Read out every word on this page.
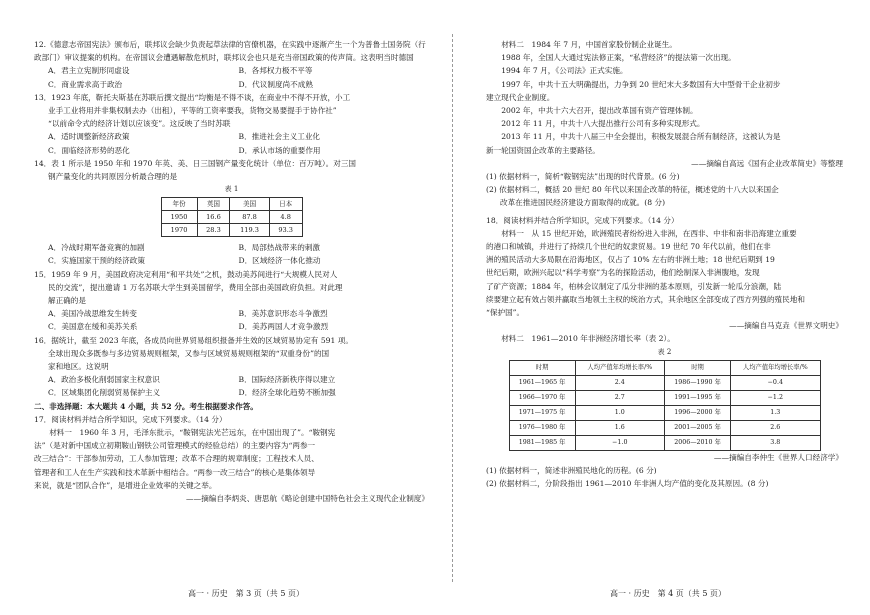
12.《德意志帝国宪法》颁布后，联邦议会缺少负责起草法律的官僚机器，在实践中逐渐产生一个为普鲁士国务院（行政部门）审议提案的机构。在帝国议会遭遇解散危机时，联邦议会也只是充当帝国政策的传声筒。这表明当时德国

A．君主立宪制形同虚设	B．各邦权力极不平等
C．商业需求高于政治	D．代议制度尚不成熟

13．1923 年底，靳托夫斯基在苏联后撰文提出“均衡是不得不谈，在商业中不得不开放，小工

业手工业将用并非集权制去办（出租），平等的工资率要我，货物交易要提手于协作社”

“以前命令式的经济计划以应该变”。这反映了当时苏联

A．适时调整新经济政策	B．推进社会主义工业化
C．面临经济形势的恶化	D．承认市场的重要作用

14．表 1 所示是 1950 年和 1970 年英、美、日三国钢产量变化统计（单位：百万吨）。对三国

钢产量变化的共同原因分析最合理的是

表 1
年份	英国	美国	日本
1950	16.6	87.8	4.8
1970	28.3	119.3	93.3
A．冷战时期军备竞赛的加剧	B．局部热战带来的刺激
C．实施国家干预的经济政策	D．区域经济一体化推动

15．1959 年 9 月，美国政府决定利用“和平共处”之机，鼓动美苏间进行“大规模人民对人

民的交流”，提出邀请 1 万名苏联大学生到美国留学，费用全部由美国政府负担。对此理

解正确的是

A．美国冷战思维发生转变	B．美苏意识形态斗争激烈
C．美国意在缓和美苏关系	D．美苏两国人才竞争激烈

16．据统计，截至 2023 年底，各成员向世界贸易组织报备并生效的区域贸易协定有 591 项。

全球出现众多既参与多边贸易规则框架，又参与区域贸易规则框架的“双重身份”的国

家和地区。这说明

A．政治多极化削弱国家主权意识	B．国际经济新秩序得以建立
C．区域集团化削弱贸易保护主义	D．经济全球化趋势不断加强

二、非选择题：本大题共 4 小题，共 52 分。考生根据要求作答。

17．阅读材料并结合所学知识，完成下列要求。（14 分）

材料一　1960 年 3 月，毛泽东批示，“鞍钢宪法光芒远东，在中国出现了”。“鞍钢宪

法”（是对新中国成立初期鞍山钢铁公司管理模式的经验总结）的主要内容为“两参一

改三结合”：干部参加劳动，工人参加管理；改革不合理的规章制度；工程技术人员、

管理者和工人在生产实践和技术革新中相结合。“两参一改三结合”的核心是集体领导

来说，就是“团队合作”，是增进企业效率的关键之举。

——摘编自李炳炎、唐思航《略论创建中国特色社会主义现代企业制度》

材料二　1984 年 7 月，中国首家股份制企业诞生。

1988 年，全国人大通过宪法修正案，“私营经济”的提法第一次出现。

1994 年 7 月，《公司法》正式实施。

1997 年，中共十五大明确提出，力争到 20 世纪末大多数国有大中型骨干企业初步

建立现代企业制度。

2002 年，中共十六大召开，提出改革国有资产管理体制。

2012 年 11 月，中共十八大提出推行公司有多种实现形式。

2013 年 11 月，中共十八届三中全会提出，积极发展混合所有制经济，这被认为是

新一轮国资国企改革的主要路径。

——摘编自高远《国有企业改革简史》等整理

(1) 依据材料一，简析“鞍钢宪法”出现的时代背景。(6 分)

(2) 依据材料二，概括 20 世纪 80 年代以来国企改革的特征，概述党的十八大以来国企

改革在推进国民经济建设方面取得的成就。(8 分)

18．阅读材料并结合所学知识，完成下列要求。（14 分）

材料一　从 15 世纪开始，欧洲殖民者纷纷进入非洲，在西非、中非和南非沿海建立重要

的港口和城镇，并进行了持续几个世纪的奴隶贸易。19 世纪 70 年代以前，他们在非

洲的殖民活动大多局限在沿海地区，仅占了 10% 左右的非洲土地；18 世纪后期到 19

世纪后期，欧洲兴起以“科学考察”为名的探险活动，他们绘制深入非洲腹地，发现

了矿产资源；1884 年，柏林会议制定了瓜分非洲的基本原则，引发新一轮瓜分浪潮，陆

续要建立起有效占领并赢取当地领土主权的统治方式，其余地区全部变成了西方列强的殖民地和

“保护国”。

——摘编自马克垚《世界文明史》

材料二　1961—2010 年非洲经济增长率（表 2）。

表 2
时期	人均产值年均增长率/%	时期	人均产值年均增长率/%
1961—1965 年	2.4	1986—1990 年	−0.4
1966—1970 年	2.7	1991—1995 年	−1.2
1971—1975 年	1.0	1996—2000 年	1.3
1976—1980 年	1.6	2001—2005 年	2.6
1981—1985 年	−1.0	2006—2010 年	3.8

——摘编自李仲生《世界人口经济学》

(1) 依据材料一，简述非洲殖民地化的历程。(6 分)

(2) 依据材料二，分阶段指出 1961—2010 年非洲人均产值的变化及其原因。(8 分)

高一 · 历史　第 3 页（共 5 页）	高一 · 历史　第 4 页（共 5 页）
